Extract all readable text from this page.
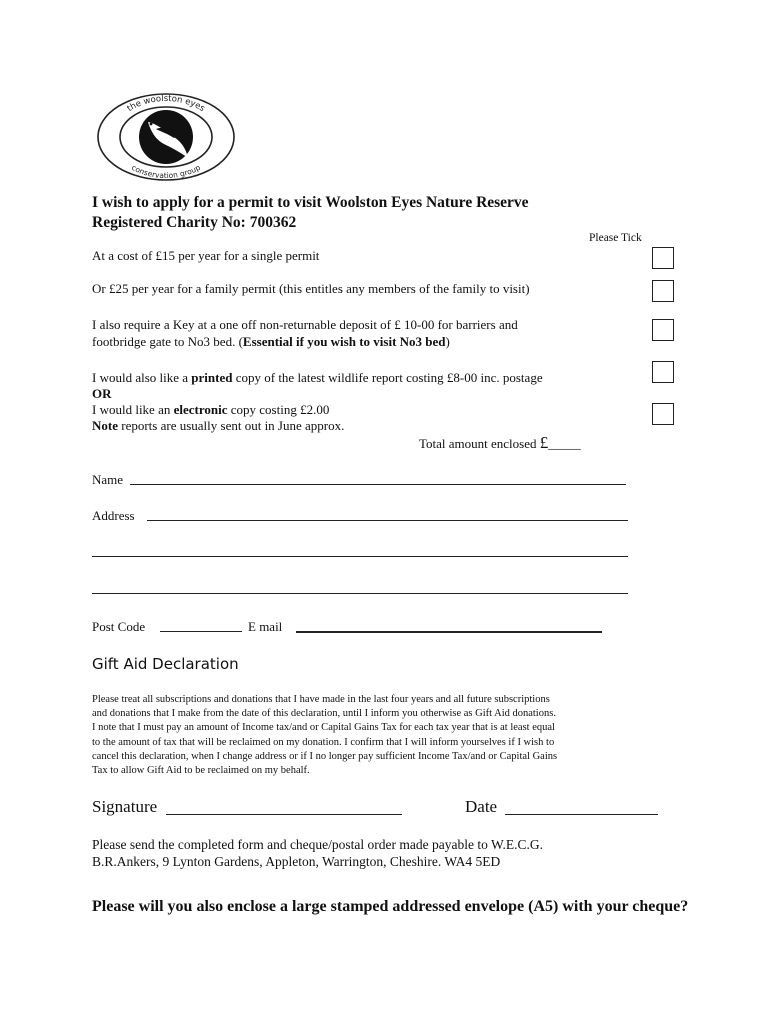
the woolston eyes
conservation group
I wish to apply for a permit to visit Woolston Eyes Nature Reserve
Registered Charity No: 700362
Please Tick
At a cost of £15 per year for a single permit
Or £25 per year for a family permit (this entitles any members of the family to visit)
I also require a Key at a one off non-returnable deposit of £ 10-00 for barriers and
footbridge gate to No3 bed. (Essential if you wish to visit No3 bed)
I would also like a printed copy of the latest wildlife report costing £8-00 inc. postage
OR
I would like an electronic copy costing £2.00
Note reports are usually sent out in June approx.
Total amount enclosed £_____
Name
Address
Post Code	E mail
Gift Aid Declaration
Please treat all subscriptions and donations that I have made in the last four years and all future subscriptions
and donations that I make from the date of this declaration, until I inform you otherwise as Gift Aid donations.
I note that I must pay an amount of Income tax/and or Capital Gains Tax for each tax year that is at least equal
to the amount of tax that will be reclaimed on my donation. I confirm that I will inform yourselves if I wish to
cancel this declaration, when I change address or if I no longer pay sufficient Income Tax/and or Capital Gains
Tax to allow Gift Aid to be reclaimed on my behalf.
Signature	Date
Please send the completed form and cheque/postal order made payable to W.E.C.G.
B.R.Ankers, 9 Lynton Gardens, Appleton, Warrington, Cheshire. WA4 5ED
Please will you also enclose a large stamped addressed envelope (A5) with your cheque?
